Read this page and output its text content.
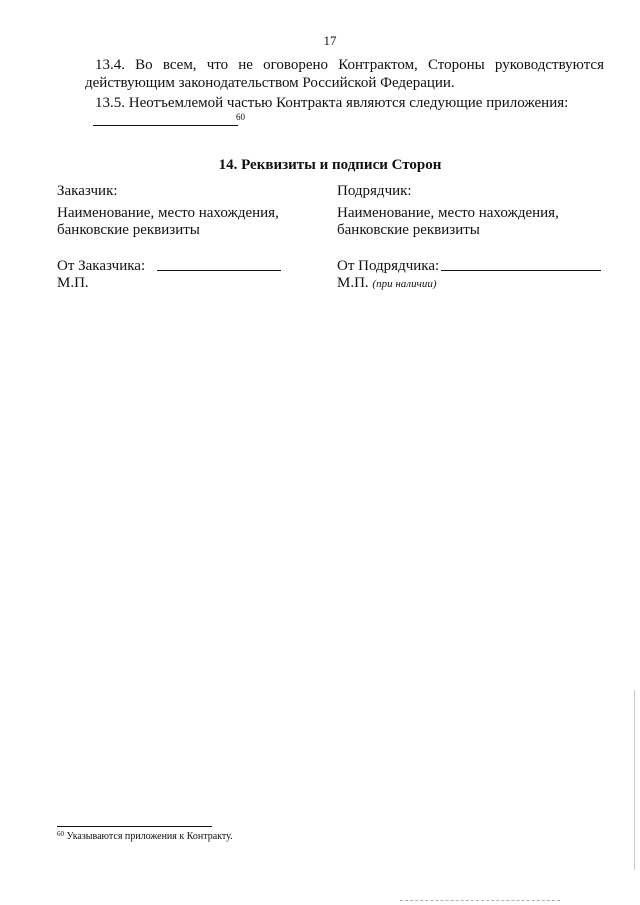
17
13.4. Во всем, что не оговорено Контрактом, Стороны руководствуются действующим законодательством Российской Федерации.
13.5. Неотъемлемой частью Контракта являются следующие приложения:
60
14. Реквизиты и подписи Сторон
Заказчик:
Наименование, место нахождения,
банковские реквизиты
От Заказчика:
М.П.
Подрядчик:
Наименование, место нахождения,
банковские реквизиты
От Подрядчика:
М.П. (при наличии)
$^{60}$ Указываются приложения к Контракту.
